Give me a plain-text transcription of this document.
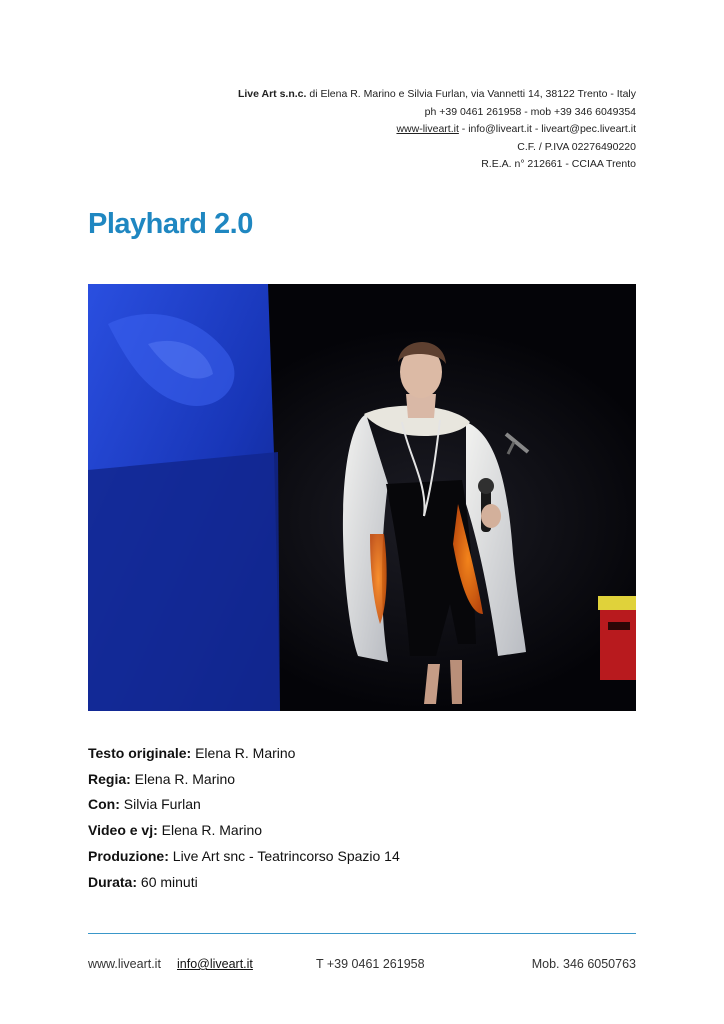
Live Art s.n.c. di Elena R. Marino e Silvia Furlan, via Vannetti 14, 38122 Trento - Italy
ph +39 0461 261958 - mob +39 346 6049354
www-liveart.it - info@liveart.it - liveart@pec.liveart.it
C.F. / P.IVA 02276490220
R.E.A. n° 212661 - CCIAA Trento
Playhard 2.0
Testo originale: Elena R. Marino
Regia: Elena R. Marino
Con: Silvia Furlan
Video e vj: Elena R. Marino
Produzione: Live Art snc - Teatrincorso Spazio 14
Durata: 60 minuti
www.liveart.it info@liveart.it	T +39 0461 261958	Mob. 346 6050763
